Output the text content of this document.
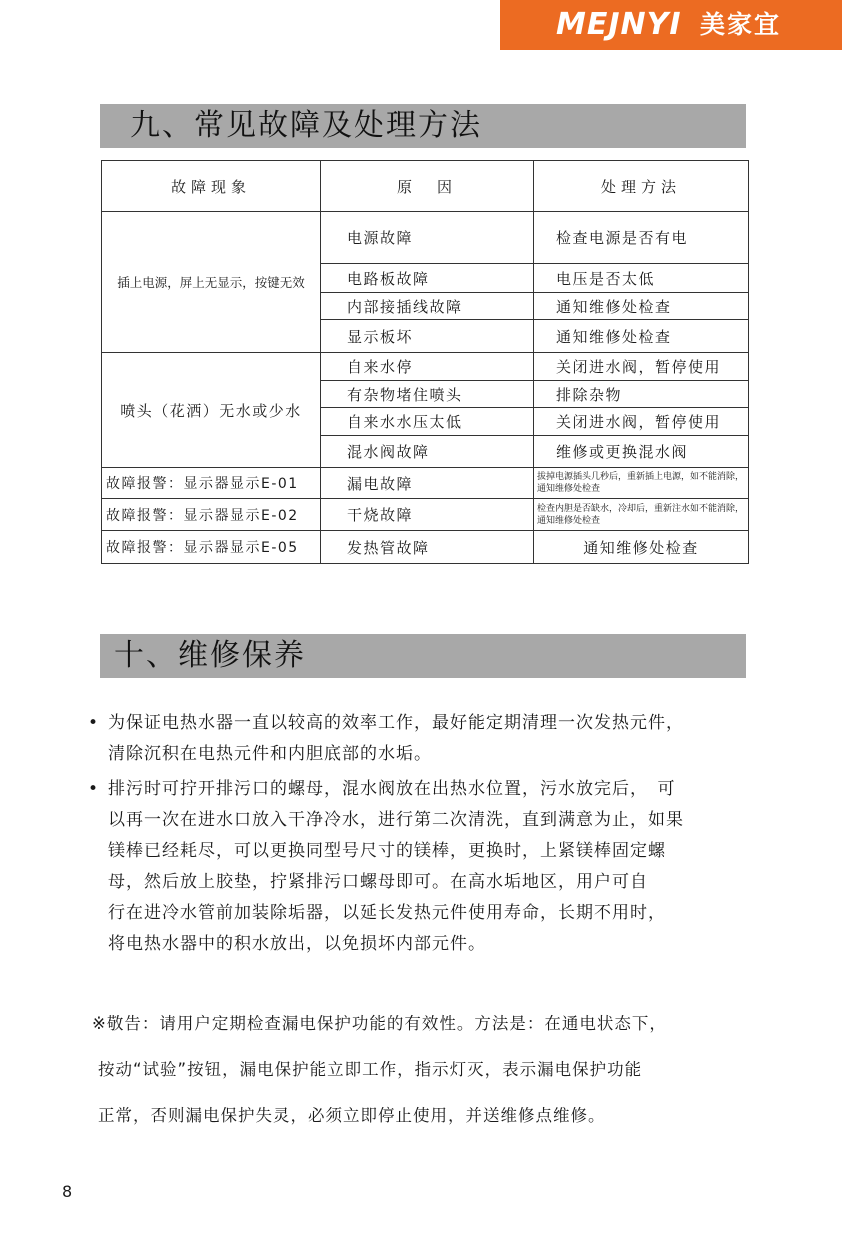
MEJNYI 美家宜
九、常见故障及处理方法
故障现象	原　因	处理方法
插上电源，屏上无显示，按键无效	电源故障	检查电源是否有电
	电路板故障	电压是否太低
	内部接插线故障	通知维修处检查
	显示板坏	通知维修处检查
喷头（花洒）无水或少水	自来水停	关闭进水阀，暂停使用
	有杂物堵住喷头	排除杂物
	自来水水压太低	关闭进水阀，暂停使用
	混水阀故障	维修或更换混水阀
故障报警：显示器显示E-01	漏电故障	拔掉电源插头几秒后，重新插上电源，如不能消除，通知维修处检查
故障报警：显示器显示E-02	干烧故障	检查内胆是否缺水，冷却后，重新注水如不能消除，通知维修处检查
故障报警：显示器显示E-05	发热管故障	通知维修处检查
十、维修保养
• 为保证电热水器一直以较高的效率工作，最好能定期清理一次发热元件，
清除沉积在电热元件和内胆底部的水垢。
• 排污时可拧开排污口的螺母，混水阀放在出热水位置，污水放完后，　可
以再一次在进水口放入干净冷水，进行第二次清洗，直到满意为止，如果
镁棒已经耗尽，可以更换同型号尺寸的镁棒，更换时，上紧镁棒固定螺
母，然后放上胶垫，拧紧排污口螺母即可。在高水垢地区，用户可自
行在进冷水管前加装除垢器，以延长发热元件使用寿命，长期不用时，
将电热水器中的积水放出，以免损坏内部元件。
※敬告：请用户定期检查漏电保护功能的有效性。方法是：在通电状态下，
按动“试验”按钮，漏电保护能立即工作，指示灯灭，表示漏电保护功能
正常，否则漏电保护失灵，必须立即停止使用，并送维修点维修。
8
